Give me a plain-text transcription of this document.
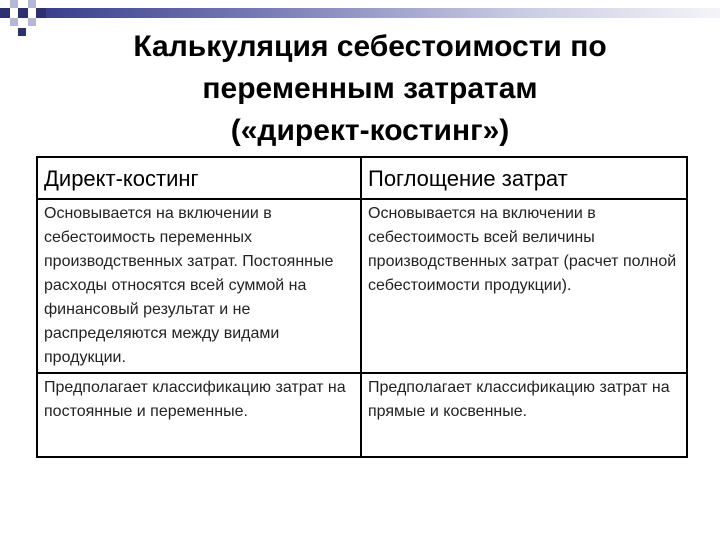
Калькуляция себестоимости по
переменным затратам
(«директ-костинг»)
Директ-костинг	Поглощение затрат
Основывается на включении в себестоимость переменных производственных затрат. Постоянные расходы относятся всей суммой на финансовый результат и не распределяются между видами продукции.	Основывается на включении в себестоимость всей величины производственных затрат (расчет полной себестоимости продукции).
Предполагает классификацию затрат на постоянные и переменные.	Предполагает классификацию затрат на прямые и косвенные.
